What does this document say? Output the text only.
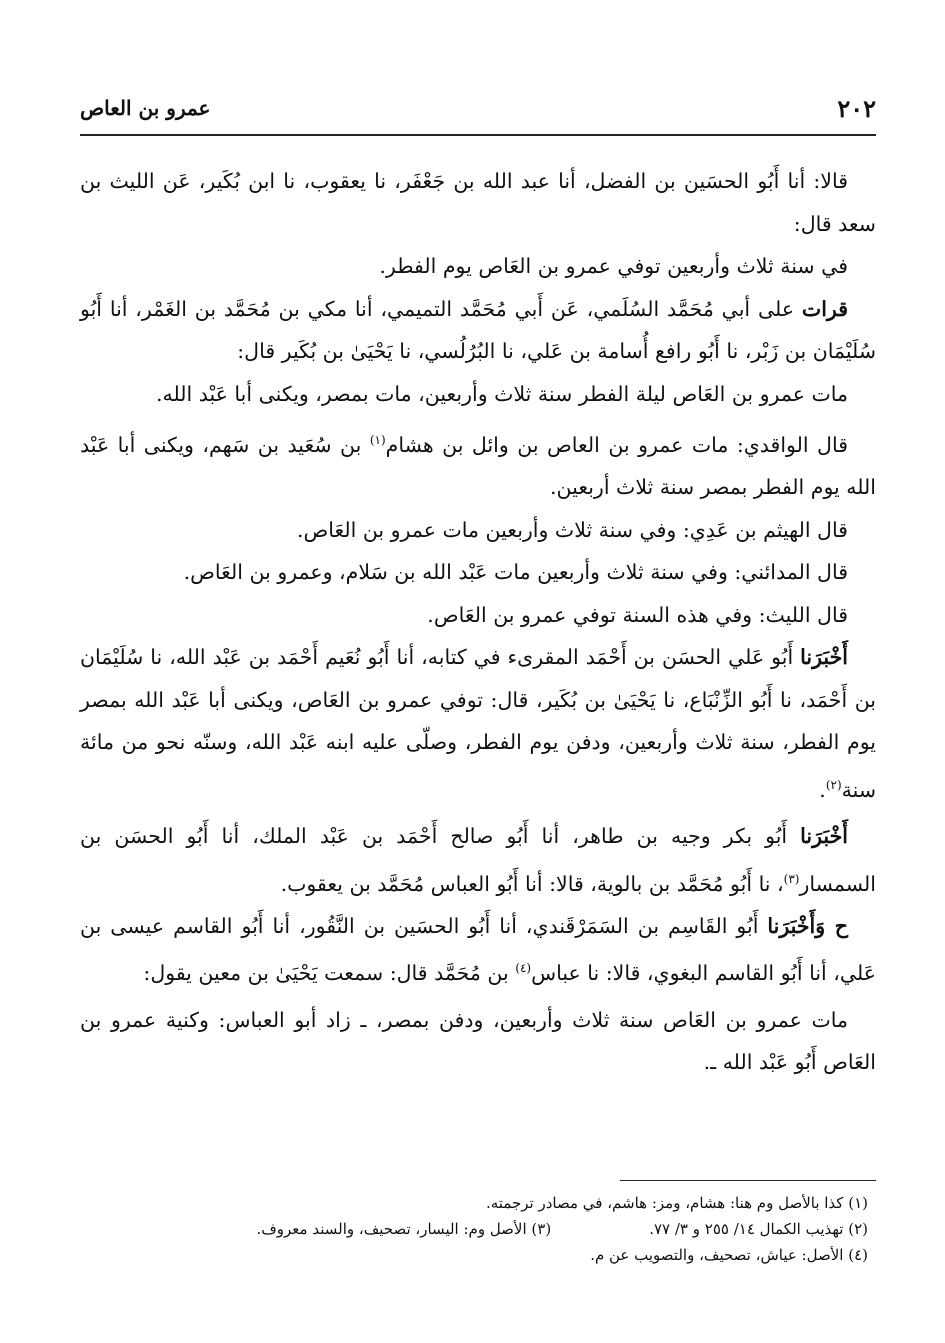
٢٠٢
عمرو بن العاص

قالا: أنا أَبُو الحسَين بن الفضل، أنا عبد الله بن جَعْفَر، نا يعقوب، نا ابن بُكَير، عَن الليث بن سعد قال:

في سنة ثلاث وأربعين توفي عمرو بن العَاص يوم الفطر.

قرات على أبي مُحَمَّد السُلَمي، عَن أَبي مُحَمَّد التميمي، أنا مكي بن مُحَمَّد بن الغَمْر، أنا أَبُو سُلَيْمَان بن زَبْر، نا أَبُو رافع أُسامة بن عَلي، نا البُرُلُسي، نا يَحْيَىٰ بن بُكَير قال:

مات عمرو بن العَاص ليلة الفطر سنة ثلاث وأربعين، مات بمصر، ويكنى أبا عَبْد الله.

قال الواقدي: مات عمرو بن العاص بن وائل بن هشام$^{(١)}$ بن سُعَيد بن سَهم، ويكنى أبا عَبْد الله يوم الفطر بمصر سنة ثلاث أربعين.

قال الهيثم بن عَدِي: وفي سنة ثلاث وأربعين مات عمرو بن العَاص.

قال المدائني: وفي سنة ثلاث وأربعين مات عَبْد الله بن سَلام، وعمرو بن العَاص.

قال الليث: وفي هذه السنة توفي عمرو بن العَاص.

أَخْبَرَنا أَبُو عَلي الحسَن بن أَحْمَد المقرىء في كتابه، أنا أَبُو نُعَيم أَحْمَد بن عَبْد الله، نا سُلَيْمَان بن أَحْمَد، نا أَبُو الزِّنْبَاع، نا يَحْيَىٰ بن بُكَير، قال: توفي عمرو بن العَاص، ويكنى أبا عَبْد الله بمصر يوم الفطر، سنة ثلاث وأربعين، ودفن يوم الفطر، وصلّى عليه ابنه عَبْد الله، وسنّه نحو من مائة سنة$^{(٢)}$.

أَخْبَرَنا أَبُو بكر وجيه بن طاهر، أنا أَبُو صالح أَحْمَد بن عَبْد الملك، أنا أَبُو الحسَن بن السمسار$^{(٣)}$، نا أَبُو مُحَمَّد بن بالوية، قالا: أنا أَبُو العباس مُحَمَّد بن يعقوب.

ح وَأَخْبَرَنا أَبُو القَاسِم بن السَمَرْقَندي، أنا أَبُو الحسَين بن النَّقُور، أنا أَبُو القاسم عيسى بن عَلي، أنا أَبُو القاسم البغوي، قالا: نا عباس$^{(٤)}$ بن مُحَمَّد قال: سمعت يَحْيَىٰ بن معين يقول:

مات عمرو بن العَاص سنة ثلاث وأربعين، ودفن بمصر، ـ زاد أبو العباس: وكنية عمرو بن العَاص أَبُو عَبْد الله ـ.

(١) كذا بالأصل وم هنا: هشام، ومز: هاشم، في مصادر ترجمته.
(٢) تهذيب الكمال ١٤/ ٢٥٥ و ٣/ ٧٧.
(٣) الأصل وم: اليسار، تصحيف، والسند معروف.
(٤) الأصل: عياش، تصحيف، والتصويب عن م.
